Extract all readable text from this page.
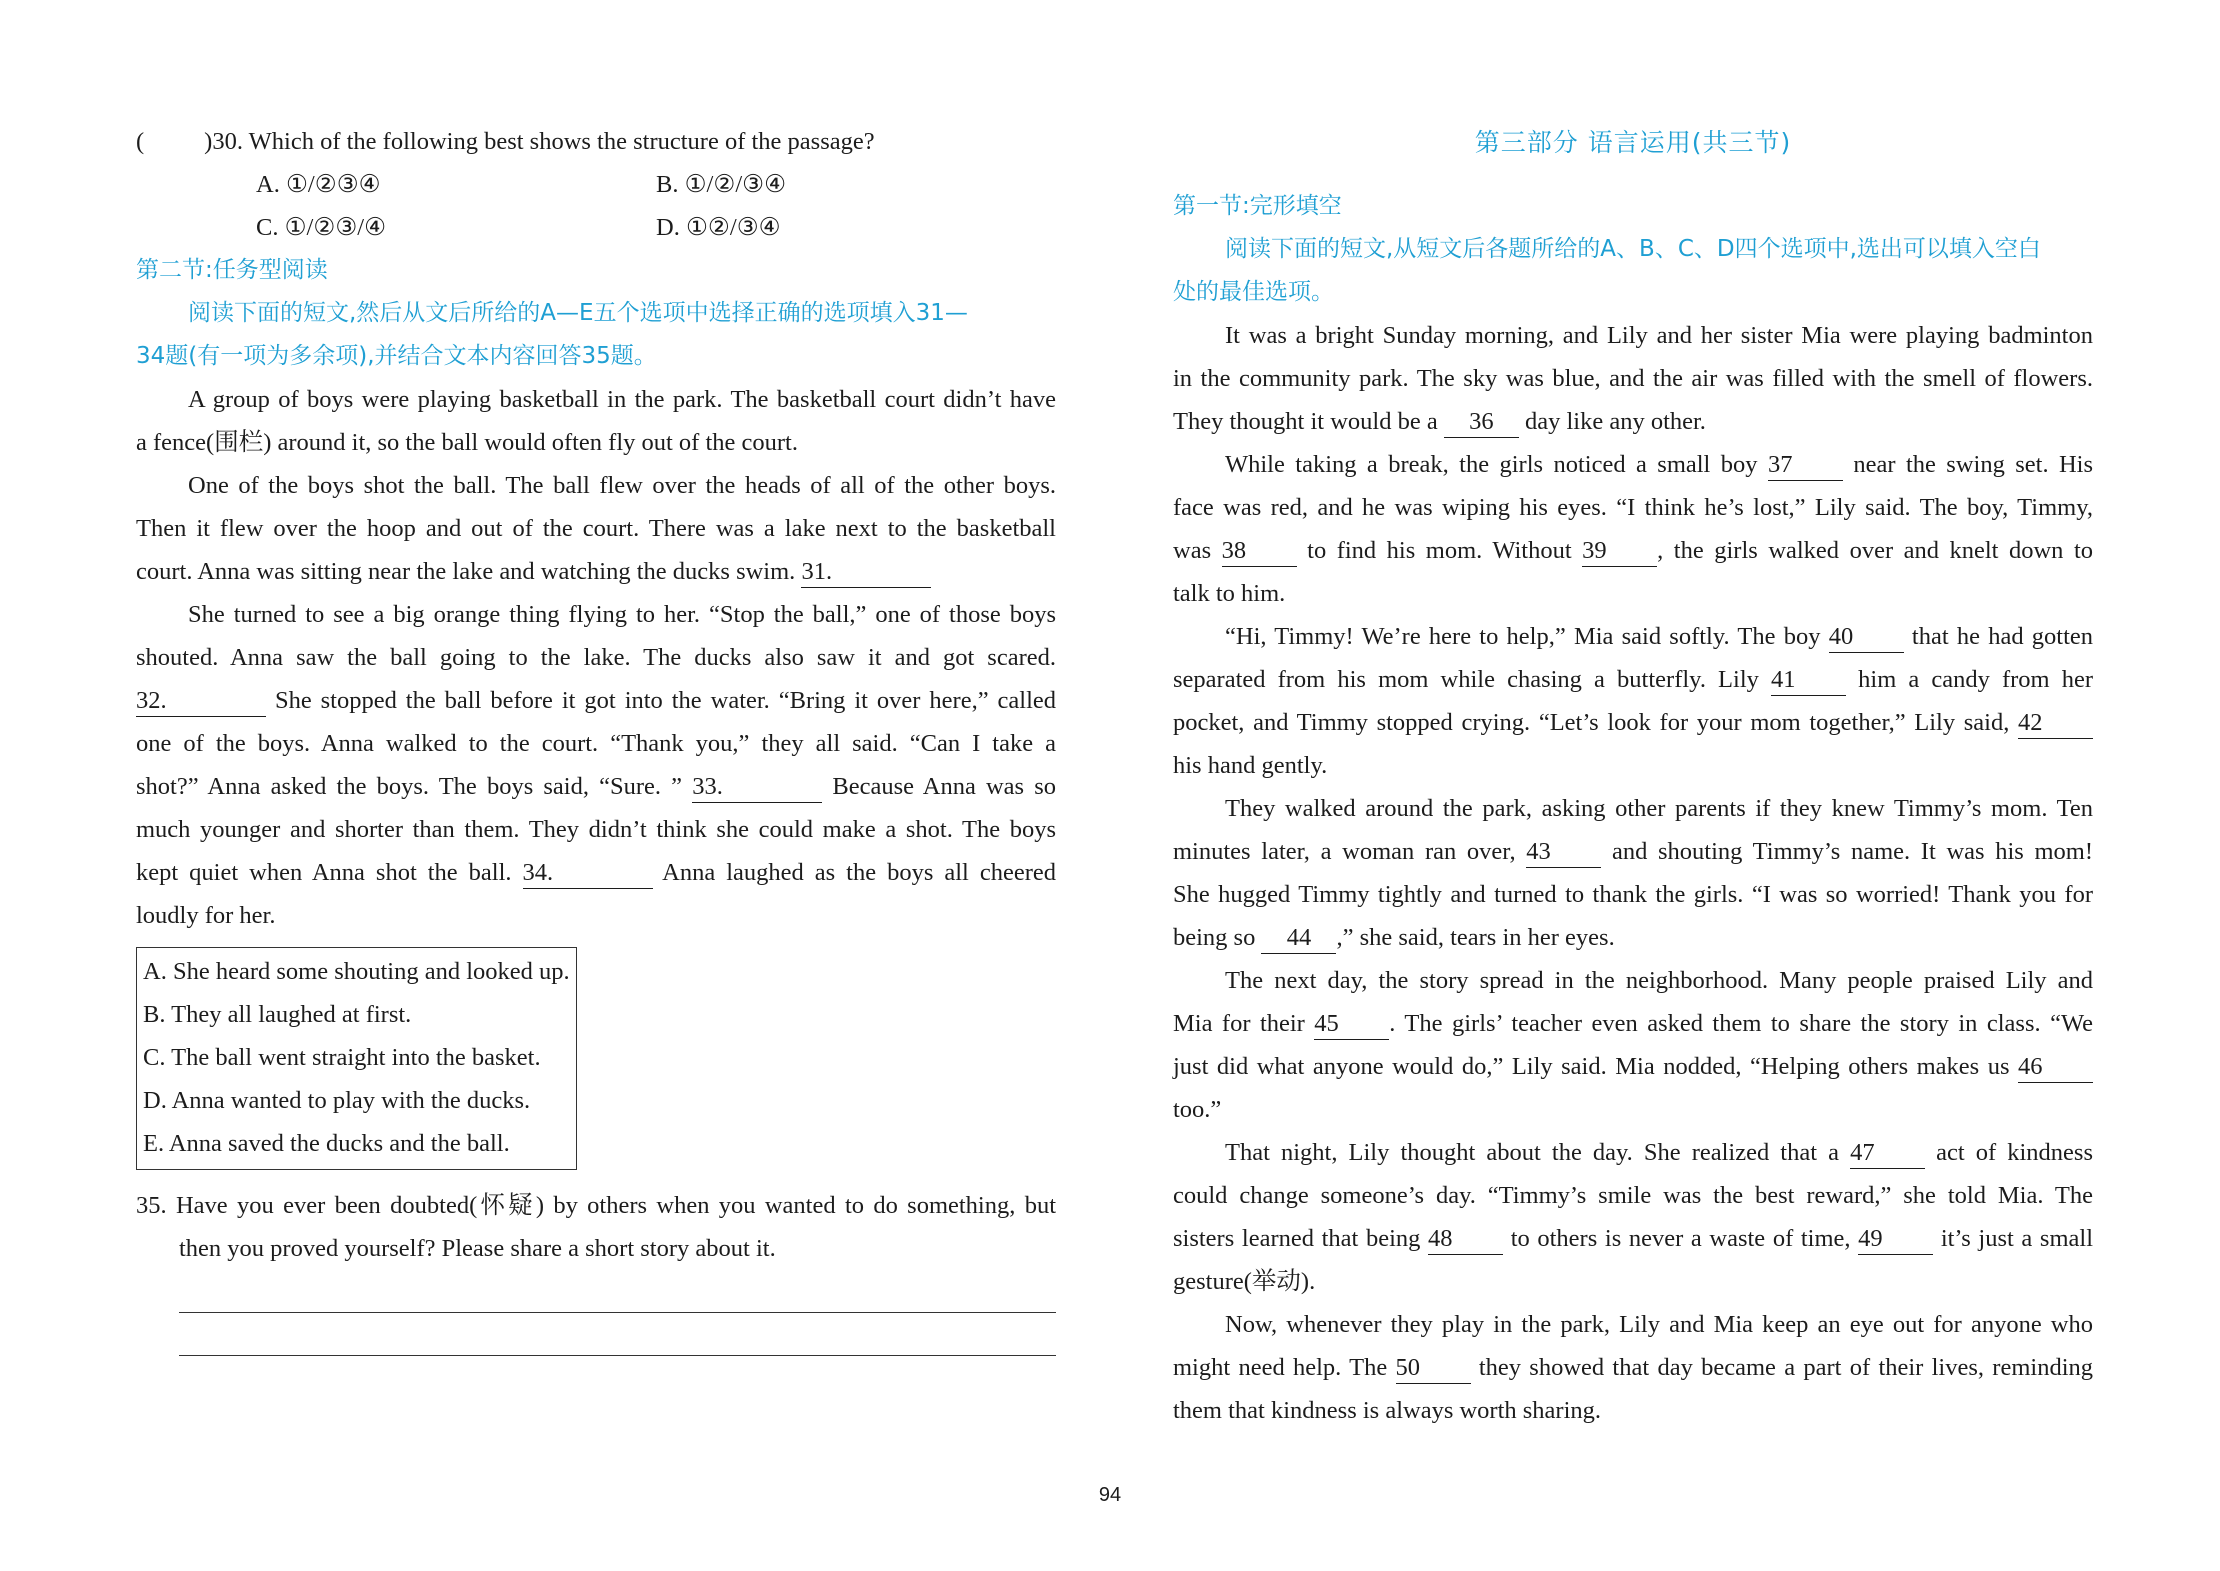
( )30. Which of the following best shows the structure of the passage?
A. ①/②③④	B. ①/②/③④
C. ①/②③/④	D. ①②/③④
第二节:任务型阅读
阅读下面的短文,然后从文后所给的A—E五个选项中选择正确的选项填入31—
34题(有一项为多余项),并结合文本内容回答35题。
A group of boys were playing basketball in the park. The basketball court didn’t have
a fence(围栏) around it, so the ball would often fly out of the court.
One of the boys shot the ball. The ball flew over the heads of all of the other boys.
Then it flew over the hoop and out of the court. There was a lake next to the basketball
court. Anna was sitting near the lake and watching the ducks swim. 31.
She turned to see a big orange thing flying to her. “Stop the ball,” one of those boys
shouted. Anna saw the ball going to the lake. The ducks also saw it and got scared.
32.	She stopped the ball before it got into the water. “Bring it over here,” called
one of the boys. Anna walked to the court. “Thank you,” they all said. “Can I take a
shot?” Anna asked the boys. The boys said, “Sure. ” 33.	Because Anna was so
much younger and shorter than them. They didn’t think she could make a shot. The boys
kept quiet when Anna shot the ball. 34.	Anna laughed as the boys all cheered
loudly for her.
A. She heard some shouting and looked up.
B. They all laughed at first.
C. The ball went straight into the basket.
D. Anna wanted to play with the ducks.
E. Anna saved the ducks and the ball.
35. Have you ever been doubted(怀疑) by others when you wanted to do something, but
then you proved yourself? Please share a short story about it.
第三部分 语言运用(共三节)
第一节:完形填空
阅读下面的短文,从短文后各题所给的A、B、C、D四个选项中,选出可以填入空白
处的最佳选项。
It was a bright Sunday morning, and Lily and her sister Mia were playing badminton
in the community park. The sky was blue, and the air was filled with the smell of flowers.
They thought it would be a 36 day like any other.
While taking a break, the girls noticed a small boy 37 near the swing set. His
face was red, and he was wiping his eyes. “I think he’s lost,” Lily said. The boy, Timmy,
was 38 to find his mom. Without 39 , the girls walked over and knelt down to
talk to him.
“Hi, Timmy! We’re here to help,” Mia said softly. The boy 40 that he had gotten
separated from his mom while chasing a butterfly. Lily 41	him a candy from her
pocket, and Timmy stopped crying. “Let’s look for your mom together,” Lily said, 42
his hand gently.
They walked around the park, asking other parents if they knew Timmy’s mom. Ten
minutes later, a woman ran over, 43 and shouting Timmy’s name. It was his mom!
She hugged Timmy tightly and turned to thank the girls. “I was so worried! Thank you for
being so 44 ,” she said, tears in her eyes.
The next day, the story spread in the neighborhood. Many people praised Lily and
Mia for their 45 . The girls’ teacher even asked them to share the story in class. “We
just did what anyone would do,” Lily said. Mia nodded, “Helping others makes us 46
too.”
That night, Lily thought about the day. She realized that a 47	act of kindness
could change someone’s day. “Timmy’s smile was the best reward,” she told Mia. The
sisters learned that being 48 to others is never a waste of time, 49 it’s just a small
gesture(举动).
Now, whenever they play in the park, Lily and Mia keep an eye out for anyone who
might need help. The 50 they showed that day became a part of their lives, reminding
them that kindness is always worth sharing.
94
